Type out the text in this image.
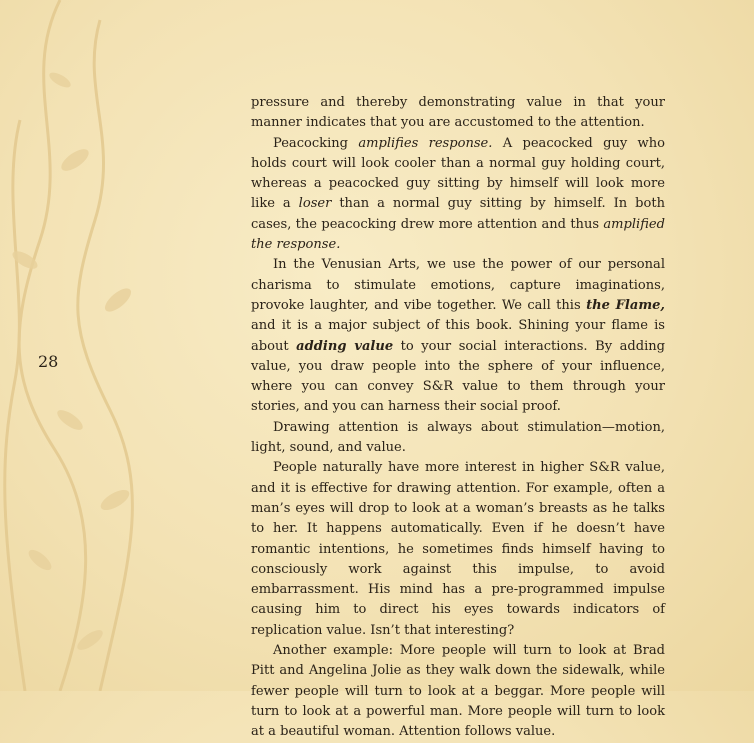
28

pressure and thereby demonstrating value in that your manner indicates that you are accustomed to the attention.

Peacocking amplifies response. A peacocked guy who holds court will look cooler than a normal guy holding court, whereas a peacocked guy sitting by himself will look more like a loser than a normal guy sitting by himself. In both cases, the peacocking drew more attention and thus amplified the response.

In the Venusian Arts, we use the power of our personal charisma to stimulate emotions, capture imaginations, provoke laughter, and vibe together. We call this the Flame, and it is a major subject of this book. Shining your flame is about adding value to your social interactions. By adding value, you draw people into the sphere of your influence, where you can convey S&R value to them through your stories, and you can harness their social proof.

Drawing attention is always about stimulation—motion, light, sound, and value.

People naturally have more interest in higher S&R value, and it is effective for drawing attention. For example, often a man’s eyes will drop to look at a woman’s breasts as he talks to her. It happens automatically. Even if he doesn’t have romantic intentions, he sometimes finds himself having to consciously work against this impulse, to avoid embarrassment. His mind has a pre-programmed impulse causing him to direct his eyes towards indicators of replication value. Isn’t that interesting?

Another example: More people will turn to look at Brad Pitt and Angelina Jolie as they walk down the sidewalk, while fewer people will turn to look at a beggar. More people will turn to look at a powerful man. More people will turn to look at a beautiful woman. Attention follows value.
